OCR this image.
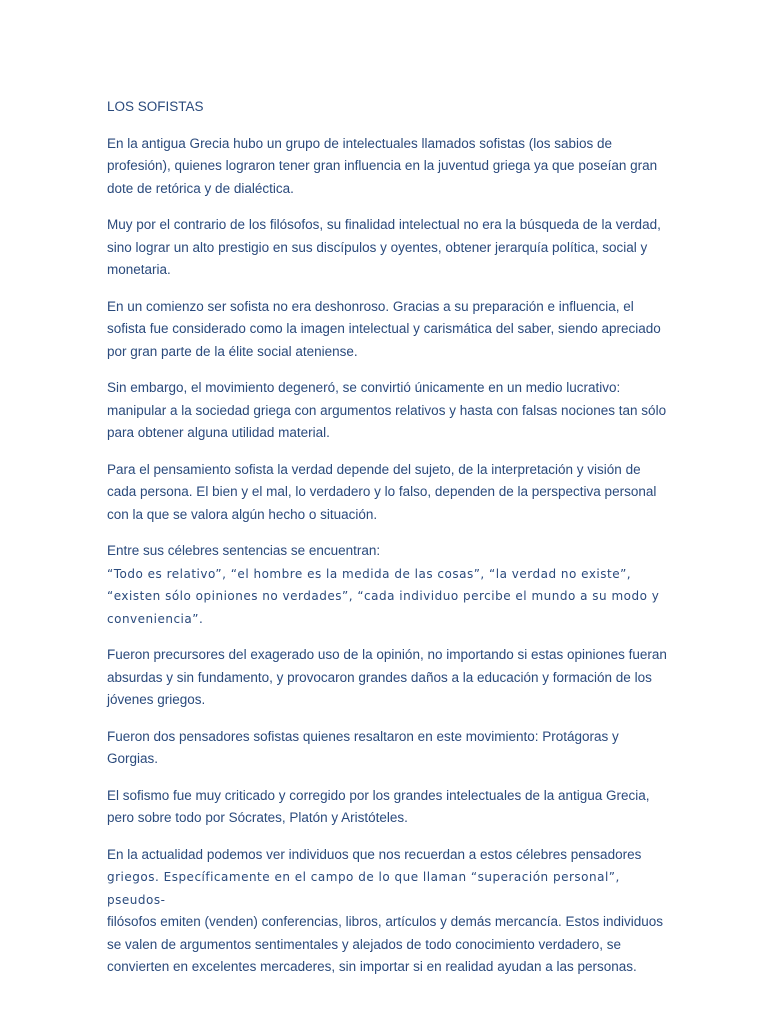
LOS SOFISTAS

En la antigua Grecia hubo un grupo de intelectuales llamados sofistas (los sabios de profesión), quienes lograron tener gran influencia en la juventud griega ya que poseían gran dote de retórica y de dialéctica.

Muy por el contrario de los filósofos, su finalidad intelectual no era la búsqueda de la verdad, sino lograr un alto prestigio en sus discípulos y oyentes, obtener jerarquía política, social y monetaria.

En un comienzo ser sofista no era deshonroso. Gracias a su preparación e influencia, el sofista fue considerado como la imagen intelectual y carismática del saber, siendo apreciado por gran parte de la élite social ateniense.

Sin embargo, el movimiento degeneró, se convirtió únicamente en un medio lucrativo: manipular a la sociedad griega con argumentos relativos y hasta con falsas nociones tan sólo para obtener alguna utilidad material.

Para el pensamiento sofista la verdad depende del sujeto, de la interpretación y visión de cada persona. El bien y el mal, lo verdadero y lo falso, dependen de la perspectiva personal con la que se valora algún hecho o situación.

Entre sus célebres sentencias se encuentran:
“Todo es relativo”, “el hombre es la medida de las cosas”, “la verdad no existe”, “existen sólo opiniones no verdades”, “cada individuo percibe el mundo a su modo y conveniencia”.

Fueron precursores del exagerado uso de la opinión, no importando si estas opiniones fueran absurdas y sin fundamento, y provocaron grandes daños a la educación y formación de los jóvenes griegos.

Fueron dos pensadores sofistas quienes resaltaron en este movimiento: Protágoras y Gorgias.

El sofismo fue muy criticado y corregido por los grandes intelectuales de la antigua Grecia, pero sobre todo por Sócrates, Platón y Aristóteles.

En la actualidad podemos ver individuos que nos recuerdan a estos célebres pensadores
griegos. Específicamente en el campo de lo que llaman “superación personal”, pseudos-
filósofos emiten (venden) conferencias, libros, artículos y demás mercancía. Estos individuos se valen de argumentos sentimentales y alejados de todo conocimiento verdadero, se convierten en excelentes mercaderes, sin importar si en realidad ayudan a las personas.
